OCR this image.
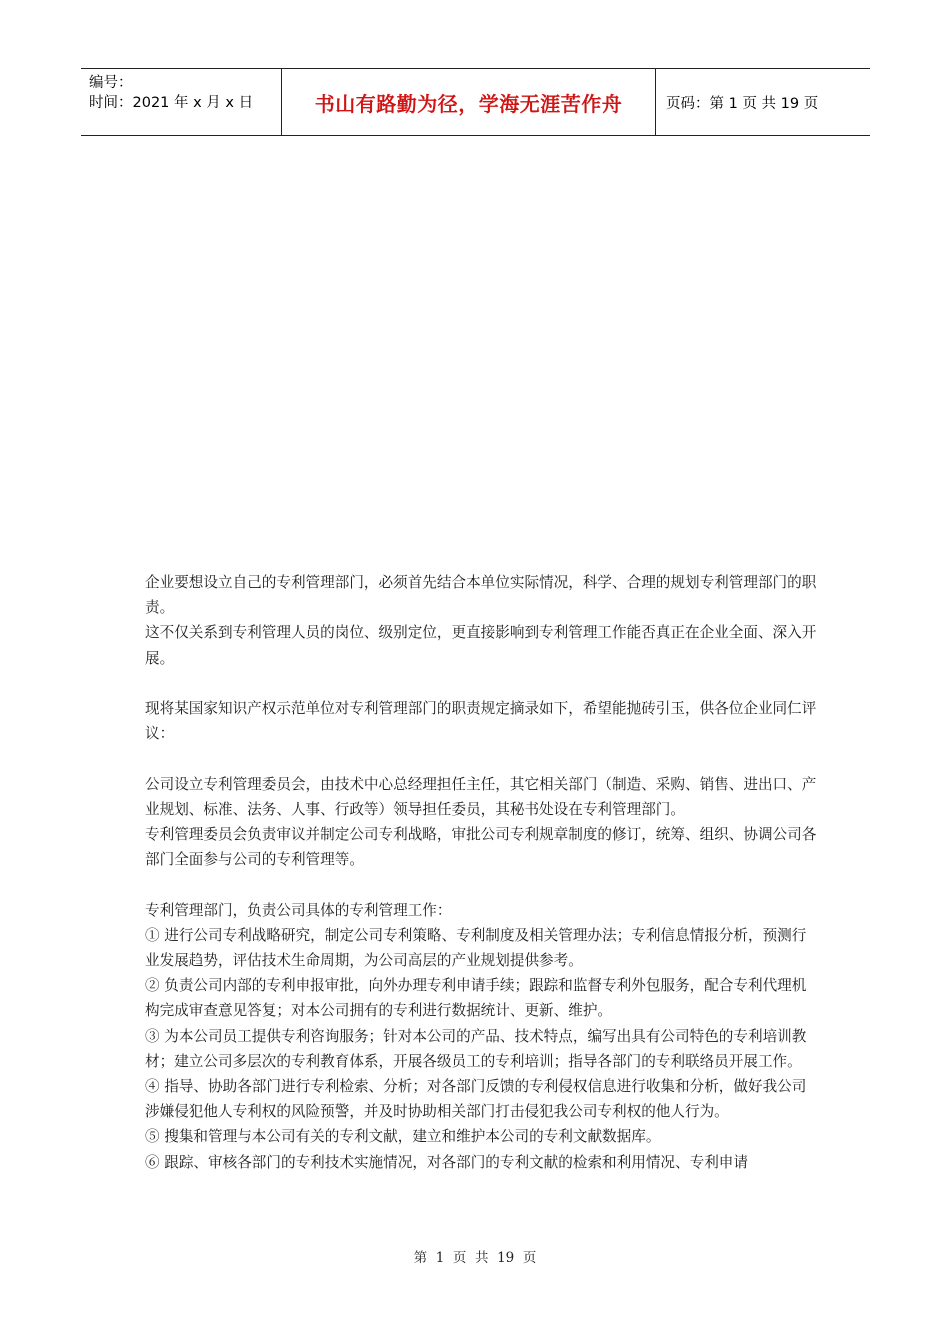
编号：
时间：2021 年 x 月 x 日	书山有路勤为径，学海无涯苦作舟	页码：第 1 页 共 19 页

企业要想设立自己的专利管理部门，必须首先结合本单位实际情况，科学、合理的规划专利管理部门的职责。

这不仅关系到专利管理人员的岗位、级别定位，更直接影响到专利管理工作能否真正在企业全面、深入开展。

现将某国家知识产权示范单位对专利管理部门的职责规定摘录如下，希望能抛砖引玉，供各位企业同仁评议：

公司设立专利管理委员会，由技术中心总经理担任主任，其它相关部门（制造、采购、销售、进出口、产业规划、标准、法务、人事、行政等）领导担任委员，其秘书处设在专利管理部门。

专利管理委员会负责审议并制定公司专利战略，审批公司专利规章制度的修订，统筹、组织、协调公司各部门全面参与公司的专利管理等。

专利管理部门，负责公司具体的专利管理工作：

① 进行公司专利战略研究，制定公司专利策略、专利制度及相关管理办法；专利信息情报分析，预测行业发展趋势，评估技术生命周期，为公司高层的产业规划提供参考。

② 负责公司内部的专利申报审批，向外办理专利申请手续；跟踪和监督专利外包服务，配合专利代理机构完成审查意见答复；对本公司拥有的专利进行数据统计、更新、维护。

③ 为本公司员工提供专利咨询服务；针对本公司的产品、技术特点，编写出具有公司特色的专利培训教材；建立公司多层次的专利教育体系，开展各级员工的专利培训；指导各部门的专利联络员开展工作。

④ 指导、协助各部门进行专利检索、分析；对各部门反馈的专利侵权信息进行收集和分析，做好我公司涉嫌侵犯他人专利权的风险预警，并及时协助相关部门打击侵犯我公司专利权的他人行为。

⑤ 搜集和管理与本公司有关的专利文献，建立和维护本公司的专利文献数据库。

⑥ 跟踪、审核各部门的专利技术实施情况，对各部门的专利文献的检索和利用情况、专利申请

第  1  页  共  19  页
